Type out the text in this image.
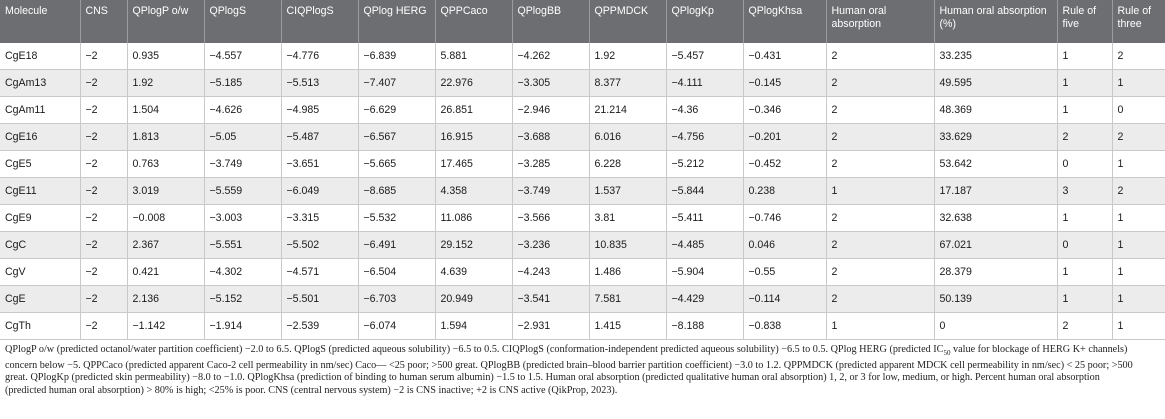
Molecule	CNS	QPlogP o/w	QPlogS	CIQPlogS	QPlog HERG	QPPCaco	QPlogBB	QPPMDCK	QPlogKp	QPlogKhsa	Human oral absorption	Human oral absorption (%)	Rule of five	Rule of three
CgE18	−2	0.935	−4.557	−4.776	−6.839	5.881	−4.262	1.92	−5.457	−0.431	2	33.235	1	2
CgAm13	−2	1.92	−5.185	−5.513	−7.407	22.976	−3.305	8.377	−4.111	−0.145	2	49.595	1	1
CgAm11	−2	1.504	−4.626	−4.985	−6.629	26.851	−2.946	21.214	−4.36	−0.346	2	48.369	1	0
CgE16	−2	1.813	−5.05	−5.487	−6.567	16.915	−3.688	6.016	−4.756	−0.201	2	33.629	2	2
CgE5	−2	0.763	−3.749	−3.651	−5.665	17.465	−3.285	6.228	−5.212	−0.452	2	53.642	0	1
CgE11	−2	3.019	−5.559	−6.049	−8.685	4.358	−3.749	1.537	−5.844	0.238	1	17.187	3	2
CgE9	−2	−0.008	−3.003	−3.315	−5.532	11.086	−3.566	3.81	−5.411	−0.746	2	32.638	1	1
CgC	−2	2.367	−5.551	−5.502	−6.491	29.152	−3.236	10.835	−4.485	0.046	2	67.021	0	1
CgV	−2	0.421	−4.302	−4.571	−6.504	4.639	−4.243	1.486	−5.904	−0.55	2	28.379	1	1
CgE	−2	2.136	−5.152	−5.501	−6.703	20.949	−3.541	7.581	−4.429	−0.114	2	50.139	1	1
CgTh	−2	−1.142	−1.914	−2.539	−6.074	1.594	−2.931	1.415	−8.188	−0.838	1	0	2	1
QPlogP o/w (predicted octanol/water partition coefficient) −2.0 to 6.5. QPlogS (predicted aqueous solubility) −6.5 to 0.5. CIQPlogS (conformation-independent predicted aqueous solubility) −6.5 to 0.5. QPlog HERG (predicted $IC_{50}$ value for blockage of HERG K+ channels) concern below −5. QPPCaco (predicted apparent Caco-2 cell permeability in nm/sec) Caco— <25 poor; >500 great. QPlogBB (predicted brain–blood barrier partition coefficient) −3.0 to 1.2. QPPMDCK (predicted apparent MDCK cell permeability in nm/sec) < 25 poor; >500 great. QPlogKp (predicted skin permeability) −8.0 to −1.0. QPlogKhsa (prediction of binding to human serum albumin) −1.5 to 1.5. Human oral absorption (predicted qualitative human oral absorption) 1, 2, or 3 for low, medium, or high. Percent human oral absorption (predicted human oral absorption) > 80% is high; <25% is poor. CNS (central nervous system) −2 is CNS inactive; +2 is CNS active (QikProp, 2023).
